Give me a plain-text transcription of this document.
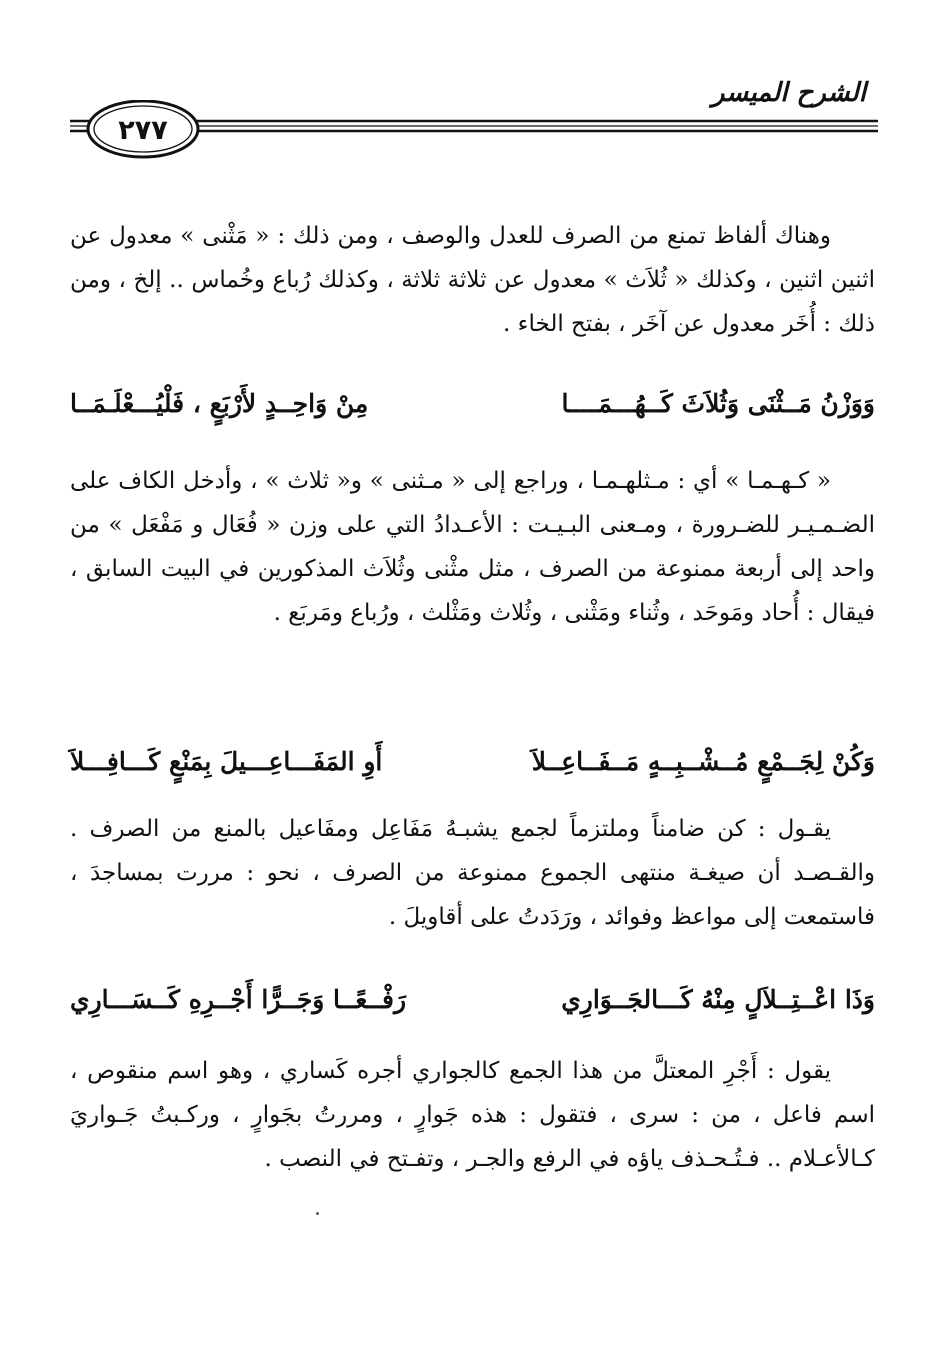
الشرح الميسر
٢٧٧
وهناك ألفاظ تمنع من الصرف للعدل والوصف ، ومن ذلك : « مَثْنى » معدول عن اثنين اثنين ، وكذلك « ثُلاَث » معدول عن ثلاثة ثلاثة ، وكذلك رُباع وخُماس .. إلخ ، ومن ذلك : أُخَر معدول عن آخَر ، بفتح الخاء .
وَوَزْنُ مَــثْنَى وَثُلاَثَ كَــهُـــمَــــا
مِنْ وَاحِــدٍ لأَرْبَعٍ ، فَلْيُـــعْلَـمَــا
« كـهـمـا » أي : مـثلهـمـا ، وراجع إلى « مـثنى » و« ثلاث » ، وأدخل الكاف على الضـمـيـر للضـرورة ، ومـعنى البـيـت : الأعـدادُ التي على وزن « فُعَال و مَفْعَل » من واحد إلى أربعة ممنوعة من الصرف ، مثل مثْنى وثُلاَث المذكورين في البيت السابق ، فيقال : أُحاد ومَوحَد ، وثُناء ومَثْنى ، وثُلاث ومَثْلث ، ورُباع ومَربَع .
وَكُنْ لِجَــمْعٍ مُــشْــبِــهٍ مَــفَــاعِــلاَ
أَوِ المَفَـــاعِـــيلَ بِمَنْعٍ كَـــافِـــلاَ
يقـول : كن ضامناً وملتزماً لجمع يشبـهُ مَفَاعِل ومفَاعيل بالمنع من الصرف . والقـصـد أن صيغـة منتهى الجموع ممنوعة من الصرف ، نحو : مررت بمساجدَ ، فاستمعت إلى مواعظ وفوائد ، ورَدَدتُ على أقاويلَ .
وَذَا اعْــتِــلاَلٍ مِنْهُ كَـــالجَــوَارِي
رَفْــعًــا وَجَــرًّا أَجْــرِهِ كَــسَـــارِي
يقول : أَجْرِ المعتلَّ من هذا الجمع كالجواري أجره كَساري ، وهو اسم منقوص ، اسم فاعل ، من : سرى ، فتقول : هذه جَوارٍ ، ومررتُ بجَوارٍ ، وركـبتُ جَـواريَ كـالأعـلام .. فـتُـحـذف ياؤه في الرفع والجـر ، وتفـتح في النصب .
